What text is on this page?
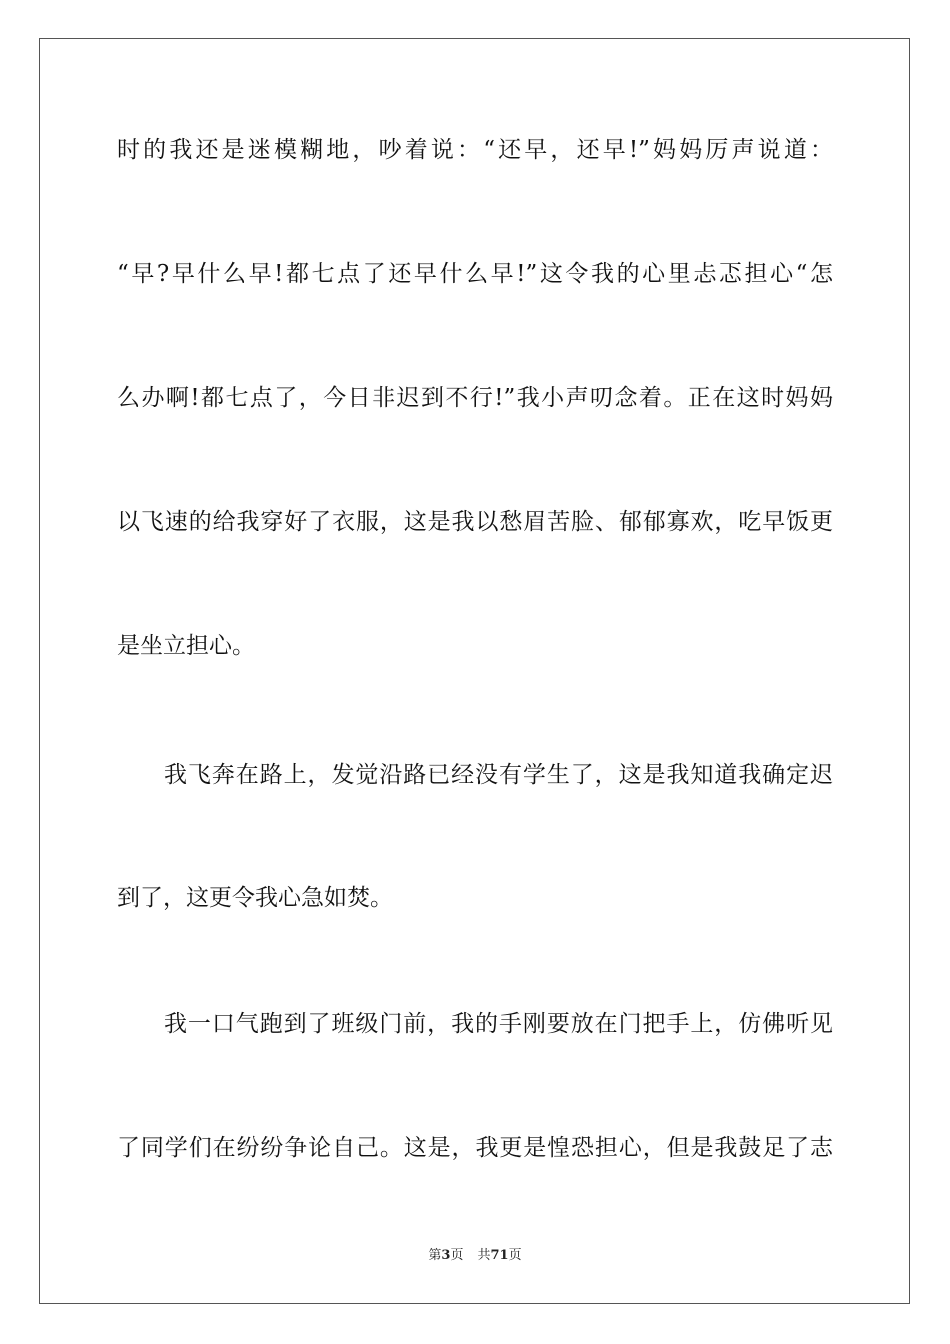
时的我还是迷模糊地，吵着说：“还早，还早!”妈妈厉声说道：
“早?早什么早!都七点了还早什么早!”这令我的心里忐忑担心“怎
么办啊!都七点了，今日非迟到不行!”我小声叨念着。正在这时妈妈
以飞速的给我穿好了衣服，这是我以愁眉苦脸、郁郁寡欢，吃早饭更
是坐立担心。
我飞奔在路上，发觉沿路已经没有学生了，这是我知道我确定迟
到了，这更令我心急如焚。
我一口气跑到了班级门前，我的手刚要放在门把手上，仿佛听见
了同学们在纷纷争论自己。这是，我更是惶恐担心，但是我鼓足了志
第3页 共71页
